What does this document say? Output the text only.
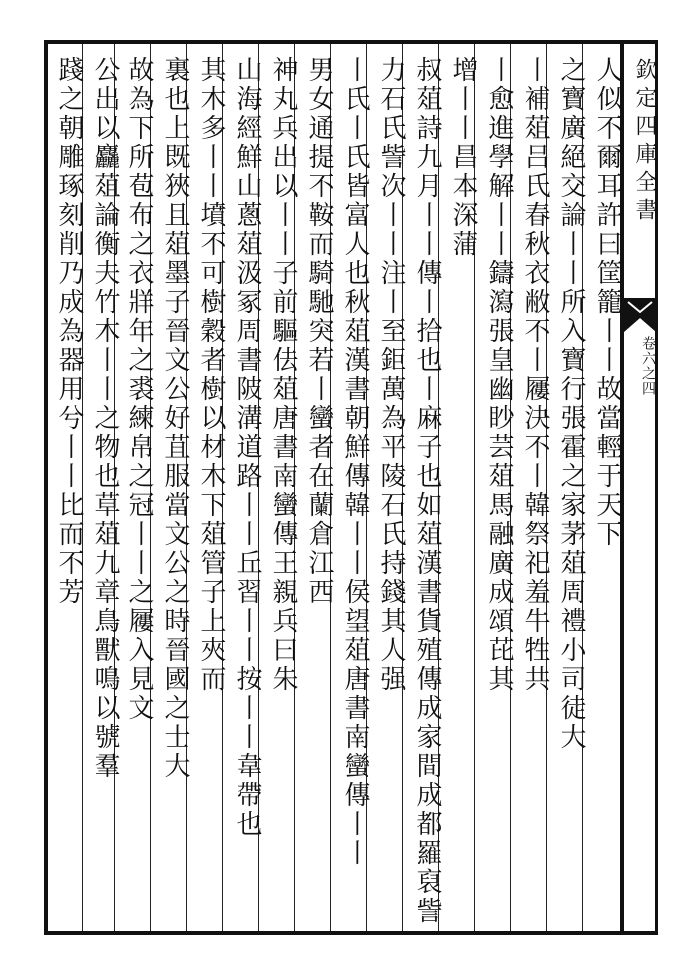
欽定四庫全書
卷六之四
人似不爾耳許曰筐籠丨丨故當輕于天下
之寶廣絕交論丨丨所入寶行張霍之家茅葅周禮小司徒大
丨補葅吕氏春秋衣敝不丨屨決不丨韓祭祀羞牛牲共
丨愈進學解丨丨鑄瀉張皇幽眇芸葅馬融廣成頌芘其
增丨丨昌本深蒲
叔葅詩九月丨丨傳丨拾也丨麻子也如葅漢書貨殖傳成家間成都羅裒訾
力石氏訾次丨丨注丨至鉅萬為平陵石氏持錢其人强
丨氏丨氏皆富人也秋葅漢書朝鮮傳韓丨丨侯望葅唐書南蠻傳丨丨
男女通提不鞍而騎馳突若丨蠻者在蘭倉江西
神丸兵出以丨丨子前驅佉葅唐書南蠻傳王親兵曰朱
山海經鮮山蔥葅汲冢周書陂溝道路丨丨丘習丨丨按丨丨韋帶也
其木多丨丨墳不可樹穀者樹以材木下葅管子上夾而
裏也上既狹且葅墨子晉文公好苴服當文公之時晉國之士大
故為下所苞布之衣牂年之裘練帛之冠丨丨之屨入見文
公出以麤葅論衡夫竹木丨丨之物也草葅九章鳥獸鳴以號羣
踐之朝雕琢刻削乃成為器用兮丨丨比而不芳
